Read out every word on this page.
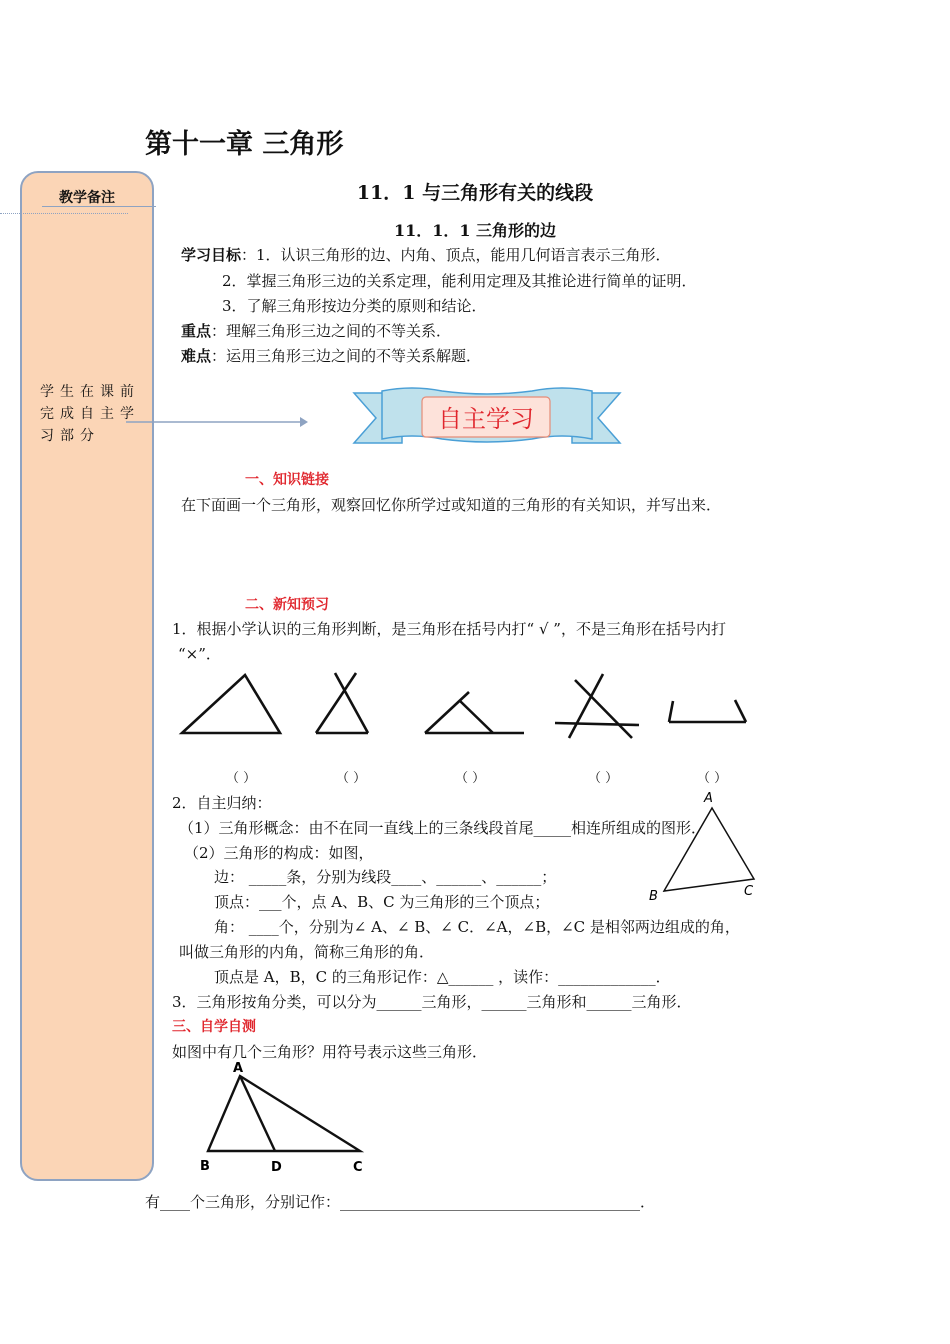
第十一章 三角形
教学备注
学生在课前完成自主学习部分
11．1 与三角形有关的线段
11．1．1 三角形的边
学习目标：1．认识三角形的边、内角、顶点，能用几何语言表示三角形．
2．掌握三角形三边的关系定理，能利用定理及其推论进行简单的证明．
3．了解三角形按边分类的原则和结论．
重点：理解三角形三边之间的不等关系．
难点：运用三角形三边之间的不等关系解题．
自主学习
一、知识链接
在下面画一个三角形，观察回忆你所学过或知道的三角形的有关知识，并写出来．
二、新知预习
1．根据小学认识的三角形判断，是三角形在括号内打“ √ ”，不是三角形在括号内打
“×”．
（ ）	（ ）	（ ）	（ ）	（ ）
2．自主归纳：
（1）三角形概念：由不在同一直线上的三条线段首尾_____相连所组成的图形．
（2）三角形的构成：如图，
边： _____条，分别为线段____、______、______；
顶点：___个，点 A、B、C 为三角形的三个顶点；
角： ____个，分别为∠ A、∠ B、∠ C．∠A，∠B，∠C 是相邻两边组成的角，
叫做三角形的内角，简称三角形的角．
顶点是 A，B，C 的三角形记作：△______ ，读作：_____________．
3．三角形按角分类，可以分为______三角形，______三角形和______三角形．
A
B	C
三、自学自测
如图中有几个三角形？用符号表示这些三角形．
A
B	D	C
有____个三角形，分别记作：________________________________________．
